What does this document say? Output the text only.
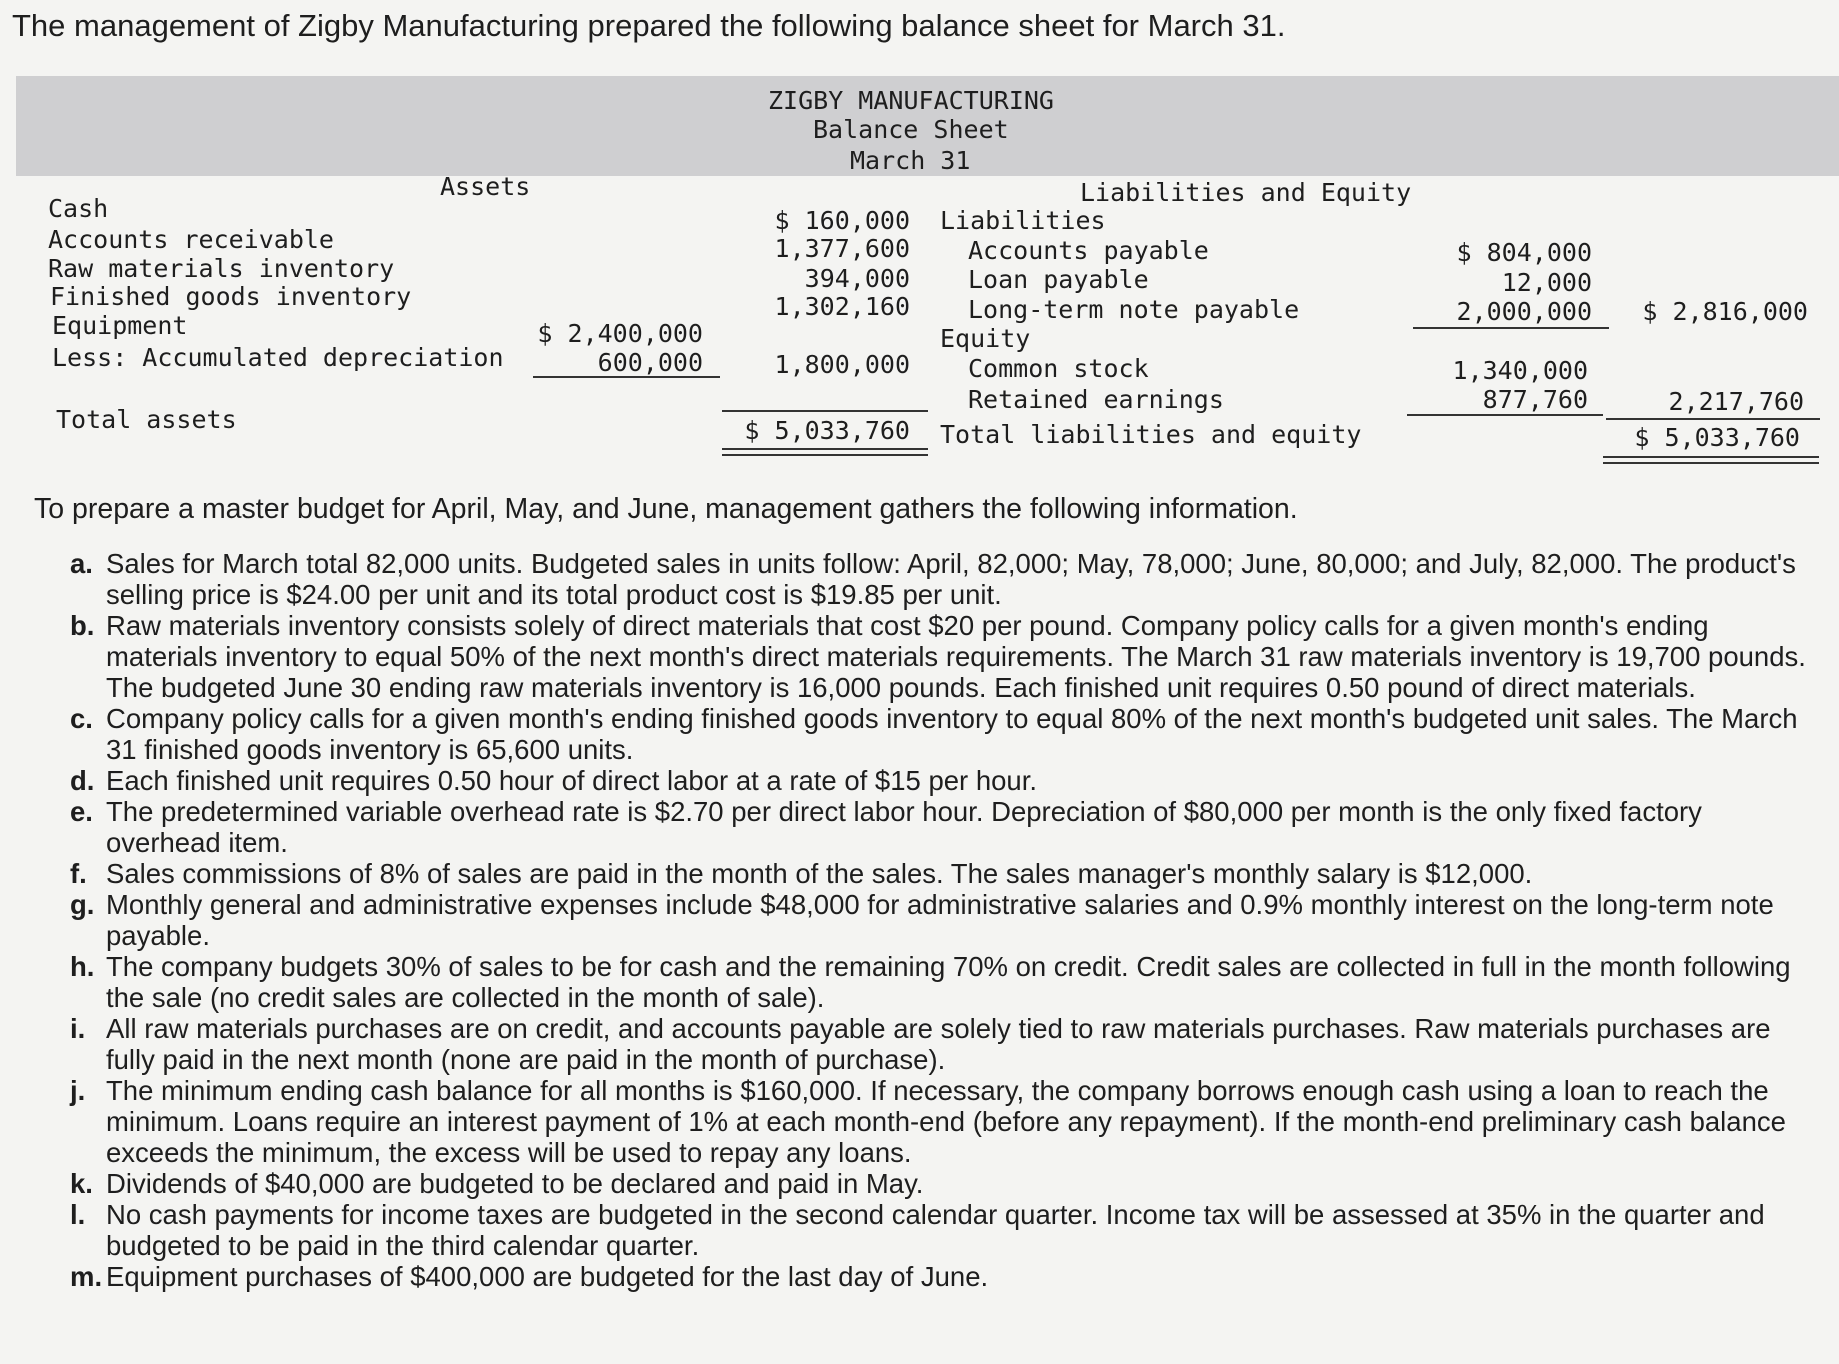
The management of Zigby Manufacturing prepared the following balance sheet for March 31.
ZIGBY MANUFACTURING
Balance Sheet
March 31
Assets	Liabilities and Equity
Cash
Accounts receivable
Raw materials inventory
Finished goods inventory
Equipment
Less: Accumulated depreciation
Total assets
$ 2,400,000
600,000
$ 160,000
1,377,600
394,000
1,302,160
1,800,000
$ 5,033,760
Liabilities
Accounts payable
Loan payable
Long-term note payable
Equity
Common stock
Retained earnings
Total liabilities and equity
$ 804,000
12,000
2,000,000
1,340,000
877,760
$ 2,816,000
2,217,760
$ 5,033,760
To prepare a master budget for April, May, and June, management gathers the following information.
a. Sales for March total 82,000 units. Budgeted sales in units follow: April, 82,000; May, 78,000; June, 80,000; and July, 82,000. The product's selling price is $24.00 per unit and its total product cost is $19.85 per unit.
b. Raw materials inventory consists solely of direct materials that cost $20 per pound. Company policy calls for a given month's ending materials inventory to equal 50% of the next month's direct materials requirements. The March 31 raw materials inventory is 19,700 pounds. The budgeted June 30 ending raw materials inventory is 16,000 pounds. Each finished unit requires 0.50 pound of direct materials.
c. Company policy calls for a given month's ending finished goods inventory to equal 80% of the next month's budgeted unit sales. The March 31 finished goods inventory is 65,600 units.
d. Each finished unit requires 0.50 hour of direct labor at a rate of $15 per hour.
e. The predetermined variable overhead rate is $2.70 per direct labor hour. Depreciation of $80,000 per month is the only fixed factory overhead item.
f. Sales commissions of 8% of sales are paid in the month of the sales. The sales manager's monthly salary is $12,000.
g. Monthly general and administrative expenses include $48,000 for administrative salaries and 0.9% monthly interest on the long-term note payable.
h. The company budgets 30% of sales to be for cash and the remaining 70% on credit. Credit sales are collected in full in the month following the sale (no credit sales are collected in the month of sale).
i. All raw materials purchases are on credit, and accounts payable are solely tied to raw materials purchases. Raw materials purchases are fully paid in the next month (none are paid in the month of purchase).
j. The minimum ending cash balance for all months is $160,000. If necessary, the company borrows enough cash using a loan to reach the minimum. Loans require an interest payment of 1% at each month-end (before any repayment). If the month-end preliminary cash balance exceeds the minimum, the excess will be used to repay any loans.
k. Dividends of $40,000 are budgeted to be declared and paid in May.
l. No cash payments for income taxes are budgeted in the second calendar quarter. Income tax will be assessed at 35% in the quarter and budgeted to be paid in the third calendar quarter.
m. Equipment purchases of $400,000 are budgeted for the last day of June.
